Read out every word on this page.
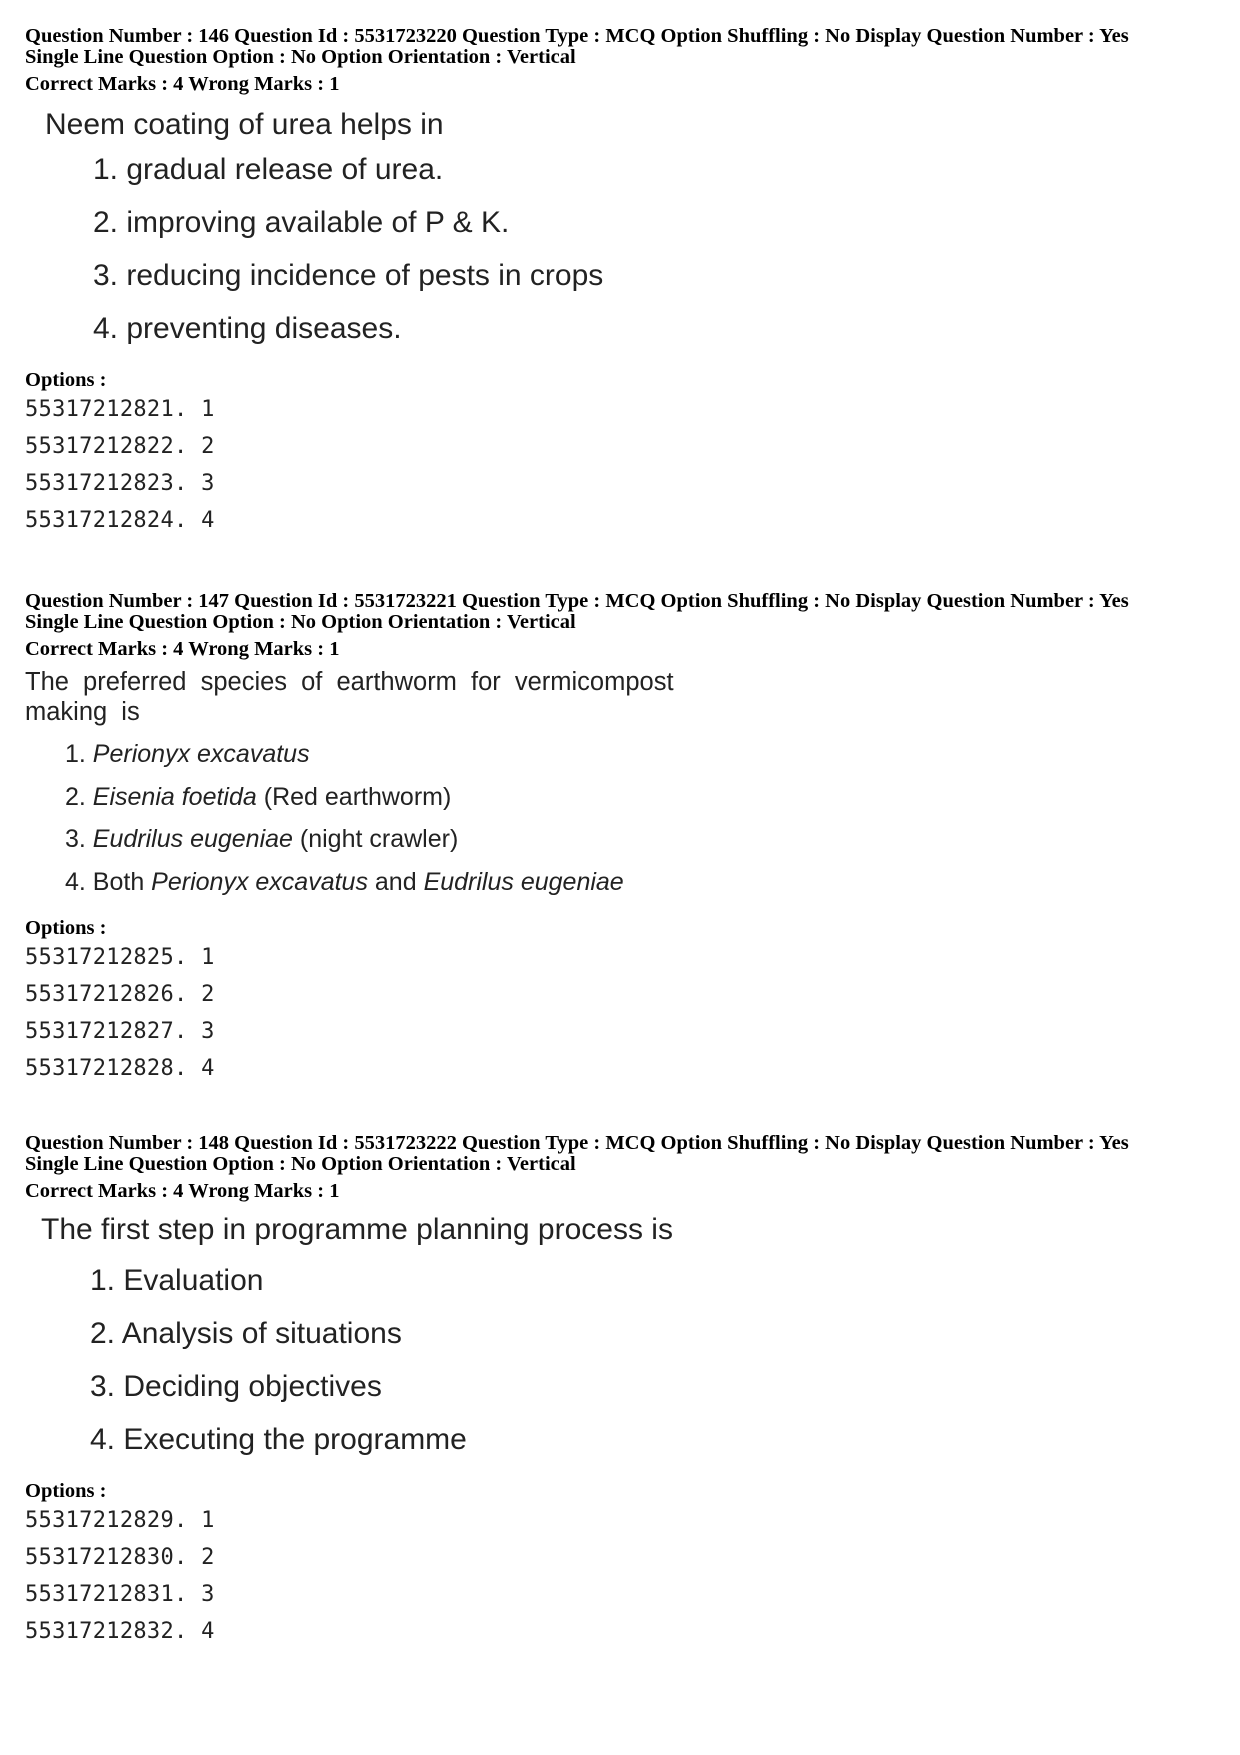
Question Number : 146 Question Id : 5531723220 Question Type : MCQ Option Shuffling : No Display Question Number : Yes

Single Line Question Option : No Option Orientation : Vertical

Correct Marks : 4 Wrong Marks : 1

Neem coating of urea helps in

1. gradual release of urea.

2. improving available of P & K.

3. reducing incidence of pests in crops

4. preventing diseases.

Options :

55317212821. 1

55317212822. 2

55317212823. 3

55317212824. 4

Question Number : 147 Question Id : 5531723221 Question Type : MCQ Option Shuffling : No Display Question Number : Yes

Single Line Question Option : No Option Orientation : Vertical

Correct Marks : 4 Wrong Marks : 1

The preferred species of earthworm for vermicompost making is

1. Perionyx excavatus

2. Eisenia foetida (Red earthworm)

3. Eudrilus eugeniae (night crawler)

4. Both Perionyx excavatus and Eudrilus eugeniae

Options :

55317212825. 1

55317212826. 2

55317212827. 3

55317212828. 4

Question Number : 148 Question Id : 5531723222 Question Type : MCQ Option Shuffling : No Display Question Number : Yes

Single Line Question Option : No Option Orientation : Vertical

Correct Marks : 4 Wrong Marks : 1

The first step in programme planning process is

1. Evaluation

2. Analysis of situations

3. Deciding objectives

4. Executing the programme

Options :

55317212829. 1

55317212830. 2

55317212831. 3

55317212832. 4
